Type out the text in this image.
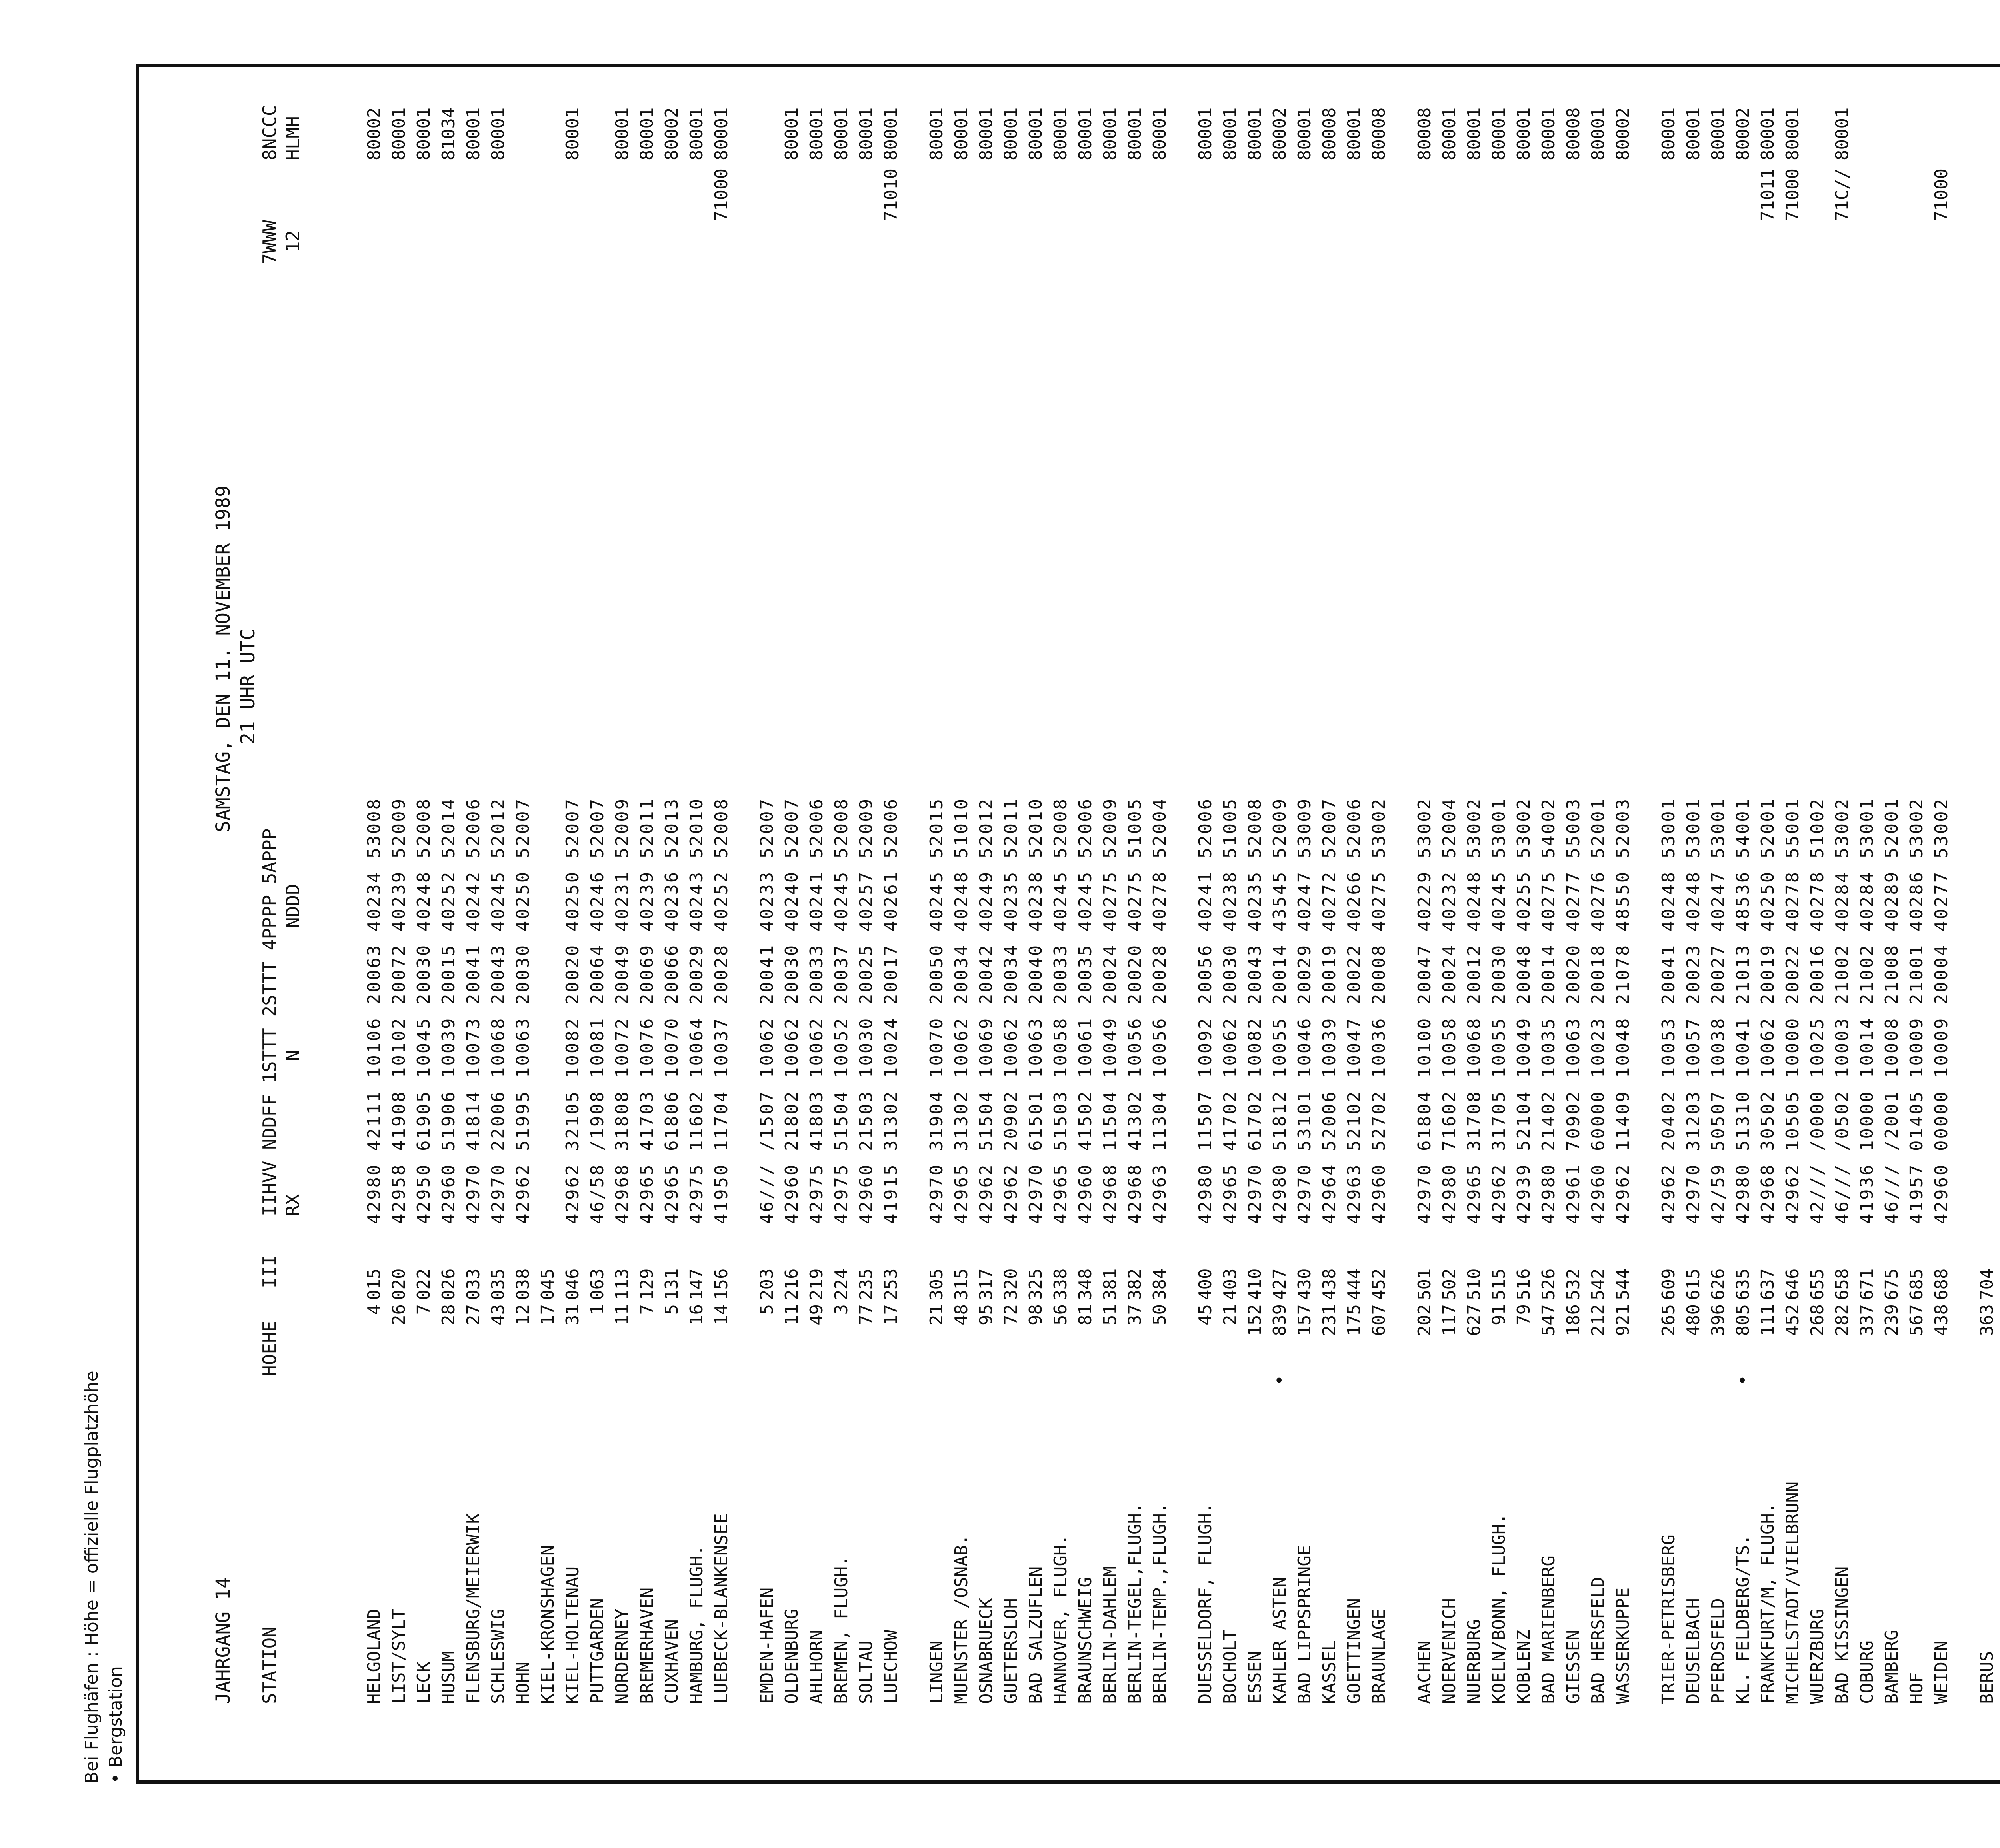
JAHRGANG 14
SAMSTAG, DEN 11. NOVEMBER 1989 21 UHR UTC
STATION
HOEHE
III
IIHVV NDDFF 1STTT 2STTT 4PPPP 5APPP RX            N           NDDD
7WWW 12
8NCCC HLMH
HELGOLAND
4
015
42980 42111 10106 20063 40234 53008
80002
LIST/SYLT
26
020
42958 41908 10102 20072 40239 52009
80001
LECK
7
022
42950 61905 10045 20030 40248 52008
80001
HUSUM
28
026
42960 51906 10039 20015 40252 52014
81034
FLENSBURG/MEIERWIK
27
033
42970 41814 10073 20041 40242 52006
80001
SCHLESWIG
43
035
42970 22006 10068 20043 40245 52012
80001
HOHN
12
038
42962 51995 10063 20030 40250 52007
KIEL-KRONSHAGEN
17
045
KIEL-HOLTENAU
31
046
42962 32105 10082 20020 40250 52007
80001
PUTTGARDEN
1
063
46/58 /1908 10081 20064 40246 52007
NORDERNEY
11
113
42968 31808 10072 20049 40231 52009
80001
BREMERHAVEN
7
129
42965 41703 10076 20069 40239 52011
80001
CUXHAVEN
5
131
42965 61806 10070 20066 40236 52013
80002
HAMBURG, FLUGH.
16
147
42975 11602 10064 20029 40243 52010
80001
LUEBECK-BLANKENSEE
14
156
41950 11704 10037 20028 40252 52008
71000
80001
EMDEN-HAFEN
5
203
46/// /1507 10062 20041 40233 52007
OLDENBURG
11
216
42960 21802 10062 20030 40240 52007
80001
AHLHORN
49
219
42975 41803 10062 20033 40241 52006
80001
BREMEN, FLUGH.
3
224
42975 51504 10052 20037 40245 52008
80001
SOLTAU
77
235
42960 21503 10030 20025 40257 52009
80001
LUECHOW
17
253
41915 31302 10024 20017 40261 52006
71010
80001
LINGEN
21
305
42970 31904 10070 20050 40245 52015
80001
MUENSTER /OSNAB.
48
315
42965 31302 10062 20034 40248 51010
80001
OSNABRUECK
95
317
42962 51504 10069 20042 40249 52012
80001
GUETERSLOH
72
320
42962 20902 10062 20034 40235 52011
80001
BAD SALZUFLEN
98
325
42970 61501 10063 20040 40238 52010
80001
HANNOVER, FLUGH.
56
338
42965 51503 10058 20033 40245 52008
80001
BRAUNSCHWEIG
81
348
42960 41502 10061 20035 40245 52006
80001
BERLIN-DAHLEM
51
381
42968 11504 10049 20024 40275 52009
80001
BERLIN-TEGEL,FLUGH.
37
382
42968 41302 10056 20020 40275 51005
80001
BERLIN-TEMP.,FLUGH.
50
384
42963 11304 10056 20028 40278 52004
80001
DUESSELDORF, FLUGH.
45
400
42980 11507 10092 20056 40241 52006
80001
BOCHOLT
21
403
42965 41702 10062 20030 40238 51005
80001
ESSEN
152
410
42970 61702 10082 20043 40235 52008
80001
KAHLER ASTEN
•
839
427
42980 51812 10055 20014 43545 52009
80002
BAD LIPPSPRINGE
157
430
42970 53101 10046 20029 40247 53009
80001
KASSEL
231
438
42964 52006 10039 20019 40272 52007
80008
GOETTINGEN
175
444
42963 52102 10047 20022 40266 52006
80001
BRAUNLAGE
607
452
42960 52702 10036 20008 40275 53002
80008
AACHEN
202
501
42970 61804 10100 20047 40229 53002
80008
NOERVENICH
117
502
42980 71602 10058 20024 40232 52004
80001
NUERBURG
627
510
42965 31708 10068 20012 40248 53002
80001
KOELN/BONN, FLUGH.
91
515
42962 31705 10055 20030 40245 53001
80001
KOBLENZ
79
516
42939 52104 10049 20048 40255 53002
80001
BAD MARIENBERG
547
526
42980 21402 10035 20014 40275 54002
80001
GIESSEN
186
532
42961 70902 10063 20020 40277 55003
80008
BAD HERSFELD
212
542
42960 60000 10023 20018 40276 52001
80001
WASSERKUPPE
921
544
42962 11409 10048 21078 48550 52003
80002
TRIER-PETRISBERG
265
609
42962 20402 10053 20041 40248 53001
80001
DEUSELBACH
480
615
42970 31203 10057 20023 40248 53001
80001
PFERDSFELD
396
626
42/59 50507 10038 20027 40247 53001
80001
KL. FELDBERG/TS.
•
805
635
42980 51310 10041 21013 48536 54001
80002
FRANKFURT/M, FLUGH.
111
637
42968 30502 10062 20019 40250 52001
71011
80001
MICHELSTADT/VIELBRUNN
452
646
42962 10505 10000 20022 40278 55001
71000
80001
WUERZBURG
268
655
42/// /0000 10025 20016 40278 51002
BAD KISSINGEN
282
658
46/// /0502 10003 21002 40284 53002
71C//
80001
COBURG
337
671
41936 10000 10014 21002 40284 53001
BAMBERG
239
675
46/// /2001 10008 21008 40289 52001
HOF
567
685
41957 01405 10009 21001 40286 53002
WEIDEN
438
688
42960 00000 10009 20004 40277 53002
71000
BERUS
363
704
Bei Flughäfen : Höhe = offizielle Flugplatzhöhe • Bergstation
